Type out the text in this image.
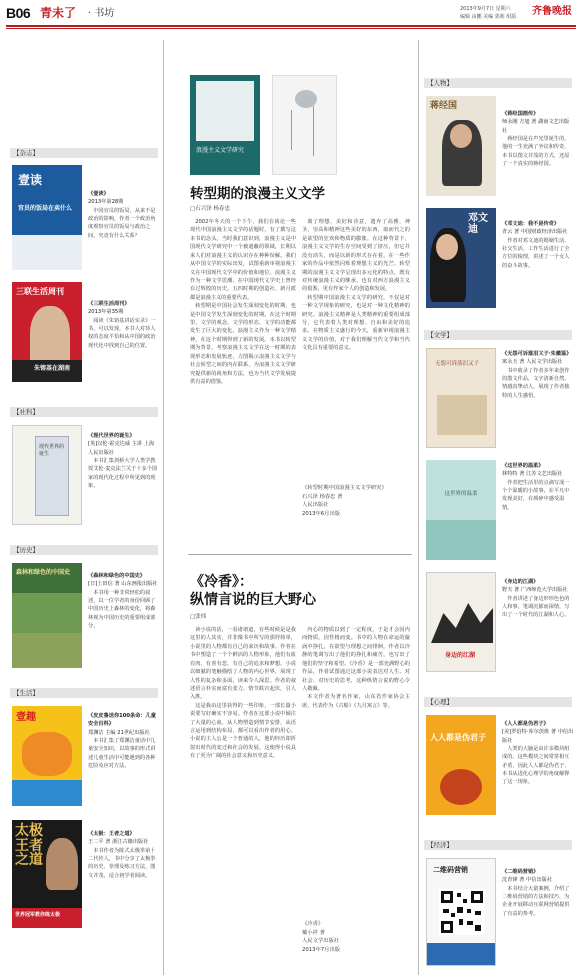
B06 青未了 · 书坊	2013年9月7日 星期六
编辑 由鹏 美编 郭莉 组版	齐鲁晚报
【杂志】
壹读
官员的饭局在卖什么
《壹读》
2013年第28期
中国官员的饭局，从来不是政治的影响，作者一个政治角度观察官员的饭局与政治之间，究竟有什么关系？
三联生活周刊
朱镕基在湖南
《三联生活周刊》
2013年第35期
阅读《朱镕基讲话实录》一书，可以发现，本书人对待人权的态度平恰和从中国的政治现代化中找到自己的位置。
【社科】
现代世界的诞生
《现代世界的诞生》
[英]汉伦·霍克达威 主讲 上海人民出版社
本书汇集剑桥大学人类学教授艾伦·麦克法兰关于十多个国家的现代化过程中所见到的现象。
【历史】
森林和绿色的中国史	《森林和绿色的中国史》
[日]上田信 著 山东画报出版社
本书用一种非常轻松的叙述，以一位学者的身份回顾了中国历史上森林的变化，将森林视为中国历史的重要组成部分。
【生活】
壹趣	《皮皮鲁送你100条命：儿童安全百科》
郑渊洁 主编 21世纪出版社
本书汇集了郑渊洁童话中儿童安全知识，以故事的形式讲述儿童生活中可能遇到的各种危险及应对方法。
太极王者之道
世界冠军教你练太极
《太极：王者之道》
王二平 著 浙江古籍出版社
本书作者为陈式太极拳第十二代传人，书中分享了太极拳的历史、拳理及练习方法，图文并茂，适合初学者阅读。
浪漫主义文学研究
转型期的浪漫主义文学
□石兴泽 杨春忠

2002年冬天的一个下午，我们在谈论一些现代中国浪漫主义文学的话题时，有了撰写这本书的念头。当时我们意识到，浪漫主义是中国现代文学研究中一个被遮蔽的领域，长期以来人们对浪漫主义的认识存在种种误解。我们从中国文学的实际出发，试图重新审视浪漫主义在中国现代文学中的价值和地位。浪漫主义作为一种文学思潮，在中国现代文学史上曾经有过辉煌的历史，五四时期的创造社、新月派都是浪漫主义的重要代表。

转型期是中国社会发生深刻变化的时期，也是中国文学发生深刻变化的时期。在这个时期里，文学的观念、文学的形态、文学的功能都发生了巨大的变化。浪漫主义作为一种文学精神，在这个时期得到了新的发展。本书以转型期为背景，考察浪漫主义文学在这一时期的表现形态和发展轨迹，力图揭示浪漫主义文学与社会转型之间的内在联系，为浪漫主义文学研究提供新的视角和方法，也为当代文学发展提供有益的借鉴。

离了理想、美好和诗意，遗弃了高雅、神圣、崇高和精神这些美好的东西，取而代之的是欲望的狂欢和物质的膨胀。在这种背景下，浪漫主义文学的生存空间受到了挤压，但它并没有消失，而是以新的形式存在着，在一些作家的作品中依然闪烁着理想主义的光芒。转型期的浪漫主义文学呈现出多元化的特点，既有对传统浪漫主义的继承，也有对西方浪漫主义的借鉴，更有作家个人的创造和发展。

转型期中国浪漫主义文学的研究，不仅是对一种文学现象的研究，也是对一种文化精神的研究。浪漫主义精神是人类精神的重要组成部分，它代表着人类对理想、自由和美好的追求。在物质主义盛行的今天，重新审视浪漫主义文学的价值，对于我们理解当代文学和当代文化具有重要的意义。

《转型时期中国浪漫主义文学研究》
石兴泽 杨春忠 著
人民出版社
2013年6月出版
《冷香》：
纵情言说的巨大野心
□张炜

读小说的话，一看诸诸道，有些时候是是我这里的人其实，并非像书中所写的那样简单，小说里的人物都有自己的来历和故事。作者在书中塑造了一个个鲜活的人物形象，他们有血有肉，有喜有悲，有自己的追求和梦想。小说以细腻的笔触描绘了人物的内心世界，展现了人性的复杂和多面，读来令人深思。作者的叙述语言朴实而富有张力，情节跌宕起伏，引人入胜。

这是我由这里获得的一些印象，一部长篇小说要写好确实不容易。作者在这部小说中倾注了大量的心血，从人物塑造到情节安排，从语言运用到结构布局，都可以看出作者的用心。小说的主人公是一个普通的人，他的经历却折射出时代的变迁和社会的发展，这使得小说具有了更为广阔的社会意义和历史意义。

内心的物质以到了一定程度，于是才会因内而物质，因性格而变。书中的人物在命运的漩涡中挣扎，在欲望与理想之间徘徊，作者以冷静的笔调写出了他们的挣扎和痛苦，也写出了他们的坚守和希望。《冷香》是一部充满野心的作品，作者试图通过这部小说表达对人生、对社会、对历史的思考，这种纵情言说的野心令人敬佩。

本文作者为著名作家，山东省作家协会主席，代表作为《古船》《九月寓言》等。

《冷香》
戴小祥 著
人民文学出版社
2013年7月出版
【人物】
蒋经国
《蒋经国画传》
师永刚 方旭 著 湖南文艺出版社
蒋经国是在声光里诞生的，他的一生充满了争议和传奇，本书以图文并茂的方式，还原了一个真实的蒋经国。
邓文迪	《邓文迪：我不是传奇》
青云 著 中国财政经济出版社
作者对邓文迪的婚姻生活、社交生活、工作生活进行了全方位的梳理，讲述了一个女人的奋斗故事。
【文学】
无怨可诉落泪又子
《无怨可诉落泪又子·朱徽鉴》
寓永玉 著 人民文学出版社
书中收录了作者多年来创作的散文作品，文字清新自然，情感真挚动人，展现了作者独特的人生感悟。
这世界的温柔
《这世界的温柔》
林特特 著 江苏文艺出版社
作者把生活里的点滴写成一个个温暖的小故事，在平凡中发现美好，在琐碎中感受温情。
身边的江湖
《身边的江湖》
野夫 著 广西师范大学出版社
作者讲述了身边形形色色的人和事，笔调沉郁而深情，写出了一个时代的江湖和人心。
【心理】
人人都是伪君子
《人人都是伪君子》
[美]罗伯特·库尔茨班 著 中信出版社
人类的大脑是由许多模块组成的，这些模块之间常常相互矛盾，因此人人都是伪君子，本书从进化心理学的角度解释了这一现象。
【经济】
二维码营销	《二维码营销》
沈青锋 著 中信出版社
本书结合大量案例，介绍了二维码营销的方法和技巧，为企业开展移动互联网营销提供了有益的参考。
